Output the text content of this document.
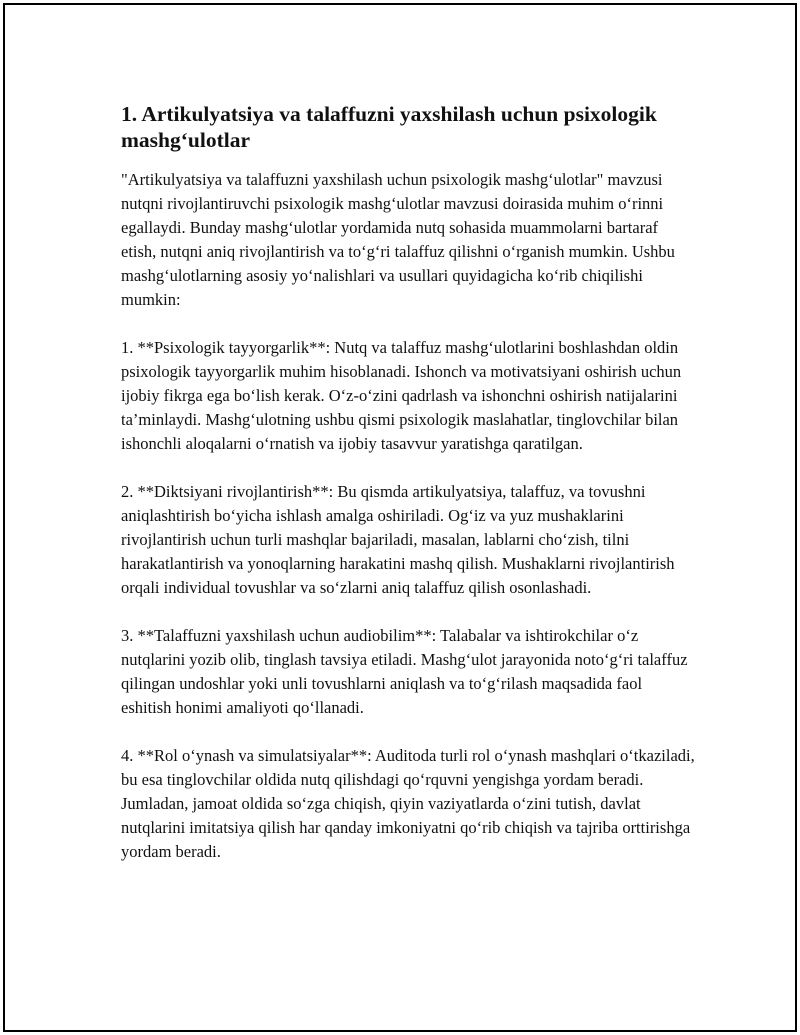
1. Artikulyatsiya va talaffuzni yaxshilash uchun psixologik mashg‘ulotlar

"Artikulyatsiya va talaffuzni yaxshilash uchun psixologik mashg‘ulotlar" mavzusi nutqni rivojlantiruvchi psixologik mashg‘ulotlar mavzusi doirasida muhim o‘rinni egallaydi. Bunday mashg‘ulotlar yordamida nutq sohasida muammolarni bartaraf etish, nutqni aniq rivojlantirish va to‘g‘ri talaffuz qilishni o‘rganish mumkin. Ushbu mashg‘ulotlarning asosiy yo‘nalishlari va usullari quyidagicha ko‘rib chiqilishi mumkin:

1. **Psixologik tayyorgarlik**: Nutq va talaffuz mashg‘ulotlarini boshlashdan oldin psixologik tayyorgarlik muhim hisoblanadi. Ishonch va motivatsiyani oshirish uchun ijobiy fikrga ega bo‘lish kerak. O‘z-o‘zini qadrlash va ishonchni oshirish natijalarini ta’minlaydi. Mashg‘ulotning ushbu qismi psixologik maslahatlar, tinglovchilar bilan ishonchli aloqalarni o‘rnatish va ijobiy tasavvur yaratishga qaratilgan.

2. **Diktsiyani rivojlantirish**: Bu qismda artikulyatsiya, talaffuz, va tovushni aniqlashtirish bo‘yicha ishlash amalga oshiriladi. Og‘iz va yuz mushaklarini rivojlantirish uchun turli mashqlar bajariladi, masalan, lablarni cho‘zish, tilni harakatlantirish va yonoqlarning harakatini mashq qilish. Mushaklarni rivojlantirish orqali individual tovushlar va so‘zlarni aniq talaffuz qilish osonlashadi.

3. **Talaffuzni yaxshilash uchun audiobilim**: Talabalar va ishtirokchilar o‘z nutqlarini yozib olib, tinglash tavsiya etiladi. Mashg‘ulot jarayonida noto‘g‘ri talaffuz qilingan undoshlar yoki unli tovushlarni aniqlash va to‘g‘rilash maqsadida faol eshitish honimi amaliyoti qo‘llanadi.

4. **Rol o‘ynash va simulatsiyalar**: Auditoda turli rol o‘ynash mashqlari o‘tkaziladi, bu esa tinglovchilar oldida nutq qilishdagi qo‘rquvni yengishga yordam beradi. Jumladan, jamoat oldida so‘zga chiqish, qiyin vaziyatlarda o‘zini tutish, davlat nutqlarini imitatsiya qilish har qanday imkoniyatni qo‘rib chiqish va tajriba orttirishga yordam beradi.
